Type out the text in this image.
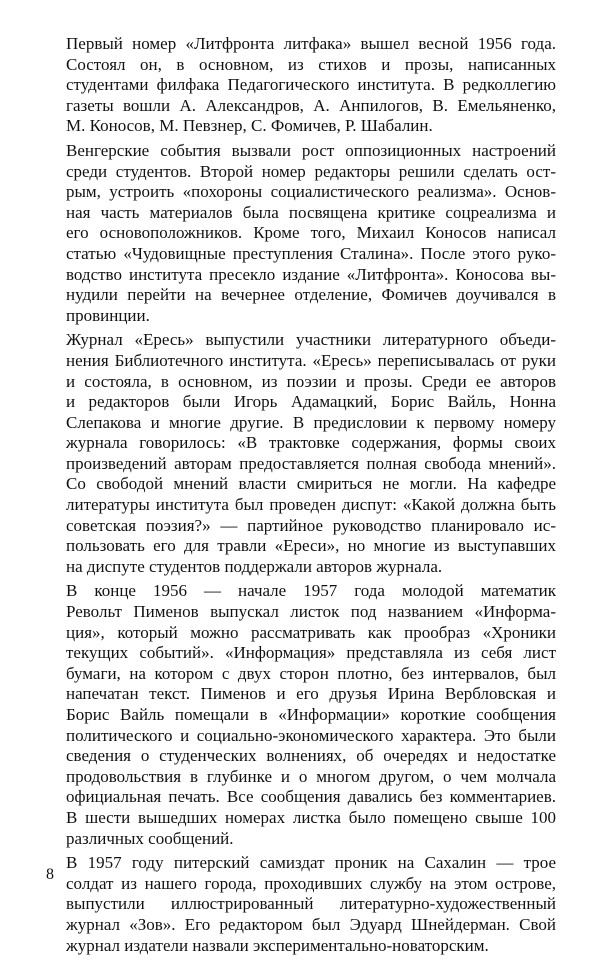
Первый номер «Литфронта литфака» вышел весной 1956 года.
Состоял он, в основном, из стихов и прозы, написанных
студентами филфака Педагогического института. В редколлегию
газеты вошли А. Александров, А. Анпилогов, В. Емельяненко,
М. Коносов, М. Певзнер, С. Фомичев, Р. Шабалин.
Венгерские события вызвали рост оппозиционных настроений
среди студентов. Второй номер редакторы решили сделать ост-
рым, устроить «похороны социалистического реализма». Основ-
ная часть материалов была посвящена критике соцреализма и
его основоположников. Кроме того, Михаил Коносов написал
статью «Чудовищные преступления Сталина». После этого руко-
водство института пресекло издание «Литфронта». Коносова вы-
нудили перейти на вечернее отделение, Фомичев доучивался в
провинции.
Журнал «Ересь» выпустили участники литературного объеди-
нения Библиотечного института. «Ересь» переписывалась от руки
и состояла, в основном, из поэзии и прозы. Среди ее авторов
и редакторов были Игорь Адамацкий, Борис Вайль, Нонна
Слепакова и многие другие. В предисловии к первому номеру
журнала говорилось: «В трактовке содержания, формы своих
произведений авторам предоставляется полная свобода мнений».
Со свободой мнений власти смириться не могли. На кафедре
литературы института был проведен диспут: «Какой должна быть
советская поэзия?» — партийное руководство планировало ис-
пользовать его для травли «Ереси», но многие из выступавших
на диспуте студентов поддержали авторов журнала.
В конце 1956 — начале 1957 года молодой математик
Револьт Пименов выпускал листок под названием «Информа-
ция», который можно рассматривать как прообраз «Хроники
текущих событий». «Информация» представляла из себя лист
бумаги, на котором с двух сторон плотно, без интервалов, был
напечатан текст. Пименов и его друзья Ирина Вербловская и
Борис Вайль помещали в «Информации» короткие сообщения
политического и социально-экономического характера. Это были
сведения о студенческих волнениях, об очередях и недостатке
продовольствия в глубинке и о многом другом, о чем молчала
официальная печать. Все сообщения давались без комментариев.
В шести вышедших номерах листка было помещено свыше 100
различных сообщений.
В 1957 году питерский самиздат проник на Сахалин — трое
солдат из нашего города, проходивших службу на этом острове,
выпустили иллюстрированный литературно-художественный
журнал «Зов». Его редактором был Эдуард Шнейдерман. Свой
журнал издатели назвали экспериментально-новаторским.
8
